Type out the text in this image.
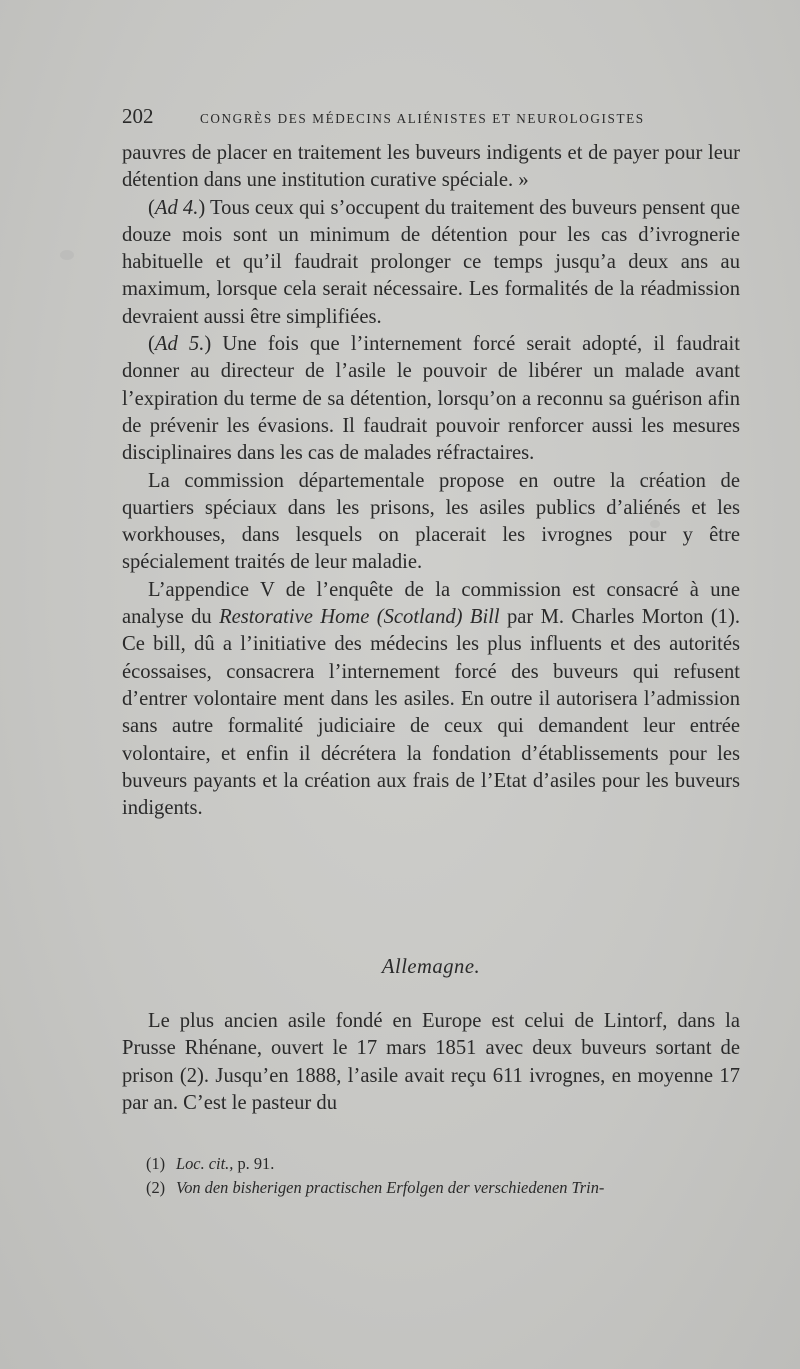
202	CONGRÈS DES MÉDECINS ALIÉNISTES ET NEUROLOGISTES

pauvres de placer en traitement les buveurs indigents et de payer pour leur détention dans une institution curative spéciale. »

(Ad 4.) Tous ceux qui s’occupent du traitement des buveurs pensent que douze mois sont un minimum de détention pour les cas d’ivrognerie habituelle et qu’il faudrait prolonger ce temps jusqu’a deux ans au maximum, lorsque cela serait nécessaire. Les formalités de la réadmission devraient aussi être simplifiées.

(Ad 5.) Une fois que l’internement forcé serait adopté, il faudrait donner au directeur de l’asile le pouvoir de libérer un malade avant l’expiration du terme de sa détention, lorsqu’on a reconnu sa guérison afin de prévenir les évasions. Il faudrait pouvoir renforcer aussi les mesures disciplinaires dans les cas de malades réfractaires.

La commission départementale propose en outre la création de quartiers spéciaux dans les prisons, les asiles publics d’aliénés et les workhouses, dans lesquels on placerait les ivrognes pour y être spécialement traités de leur maladie.

L’appendice V de l’enquête de la commission est consacré à une analyse du Restorative Home (Scotland) Bill par M. Charles Morton (1). Ce bill, dû a l’initiative des médecins les plus influents et des autorités écossaises, consacrera l’internement forcé des buveurs qui refusent d’entrer volontaire ment dans les asiles. En outre il autorisera l’admission sans autre formalité judiciaire de ceux qui demandent leur entrée volontaire, et enfin il décrétera la fondation d’établissements pour les buveurs payants et la création aux frais de l’Etat d’asiles pour les buveurs indigents.

Allemagne.

Le plus ancien asile fondé en Europe est celui de Lintorf, dans la Prusse Rhénane, ouvert le 17 mars 1851 avec deux buveurs sortant de prison (2). Jusqu’en 1888, l’asile avait reçu 611 ivrognes, en moyenne 17 par an. C’est le pasteur du

(1) Loc. cit., p. 91.
(2) Von den bisherigen practischen Erfolgen der verschiedenen Trin-
